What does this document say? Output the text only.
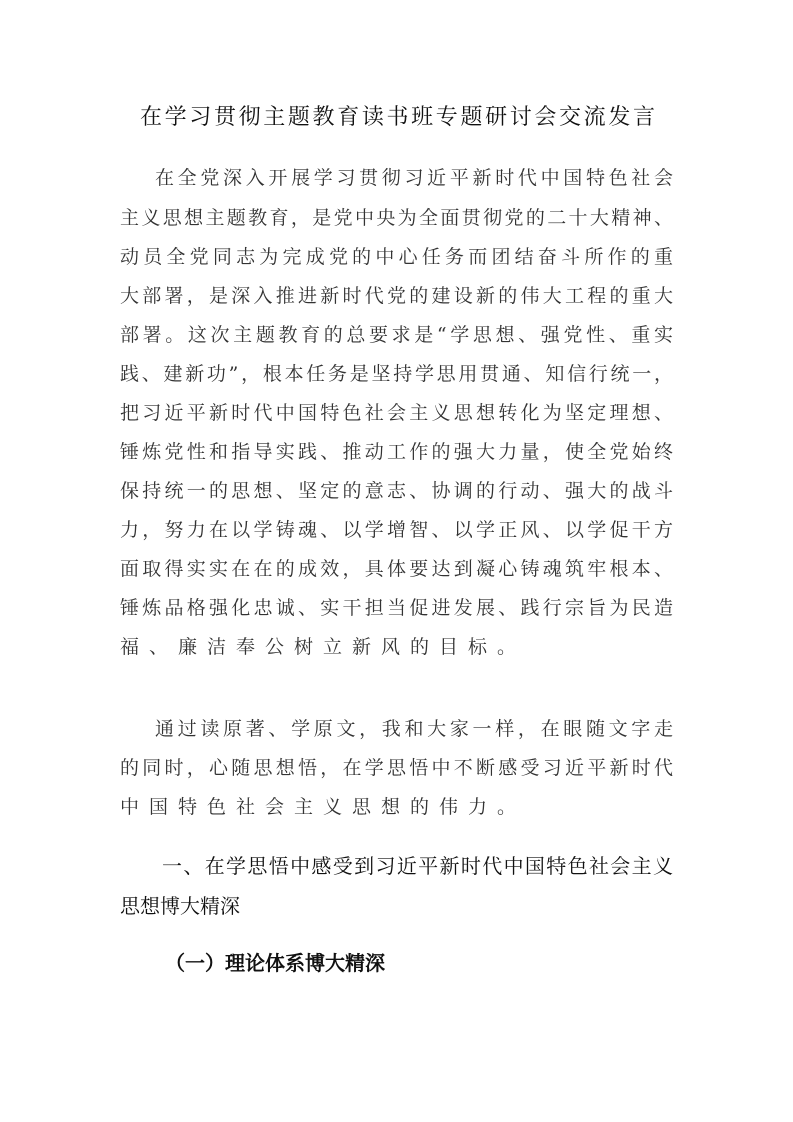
在学习贯彻主题教育读书班专题研讨会交流发言
在全党深入开展学习贯彻习近平新时代中国特色社会
主义思想主题教育，是党中央为全面贯彻党的二十大精神、
动员全党同志为完成党的中心任务而团结奋斗所作的重
大部署，是深入推进新时代党的建设新的伟大工程的重大
部署。这次主题教育的总要求是“学思想、强党性、重实
践、建新功”，根本任务是坚持学思用贯通、知信行统一，
把习近平新时代中国特色社会主义思想转化为坚定理想、
锤炼党性和指导实践、推动工作的强大力量，使全党始终
保持统一的思想、坚定的意志、协调的行动、强大的战斗
力，努力在以学铸魂、以学增智、以学正风、以学促干方
面取得实实在在的成效，具体要达到凝心铸魂筑牢根本、
锤炼品格强化忠诚、实干担当促进发展、践行宗旨为民造
福、廉洁奉公树立新风的目标。
通过读原著、学原文，我和大家一样，在眼随文字走
的同时，心随思想悟，在学思悟中不断感受习近平新时代
中国特色社会主义思想的伟力。
一、在学思悟中感受到习近平新时代中国特色社会主义
思想博大精深
（一）理论体系博大精深
